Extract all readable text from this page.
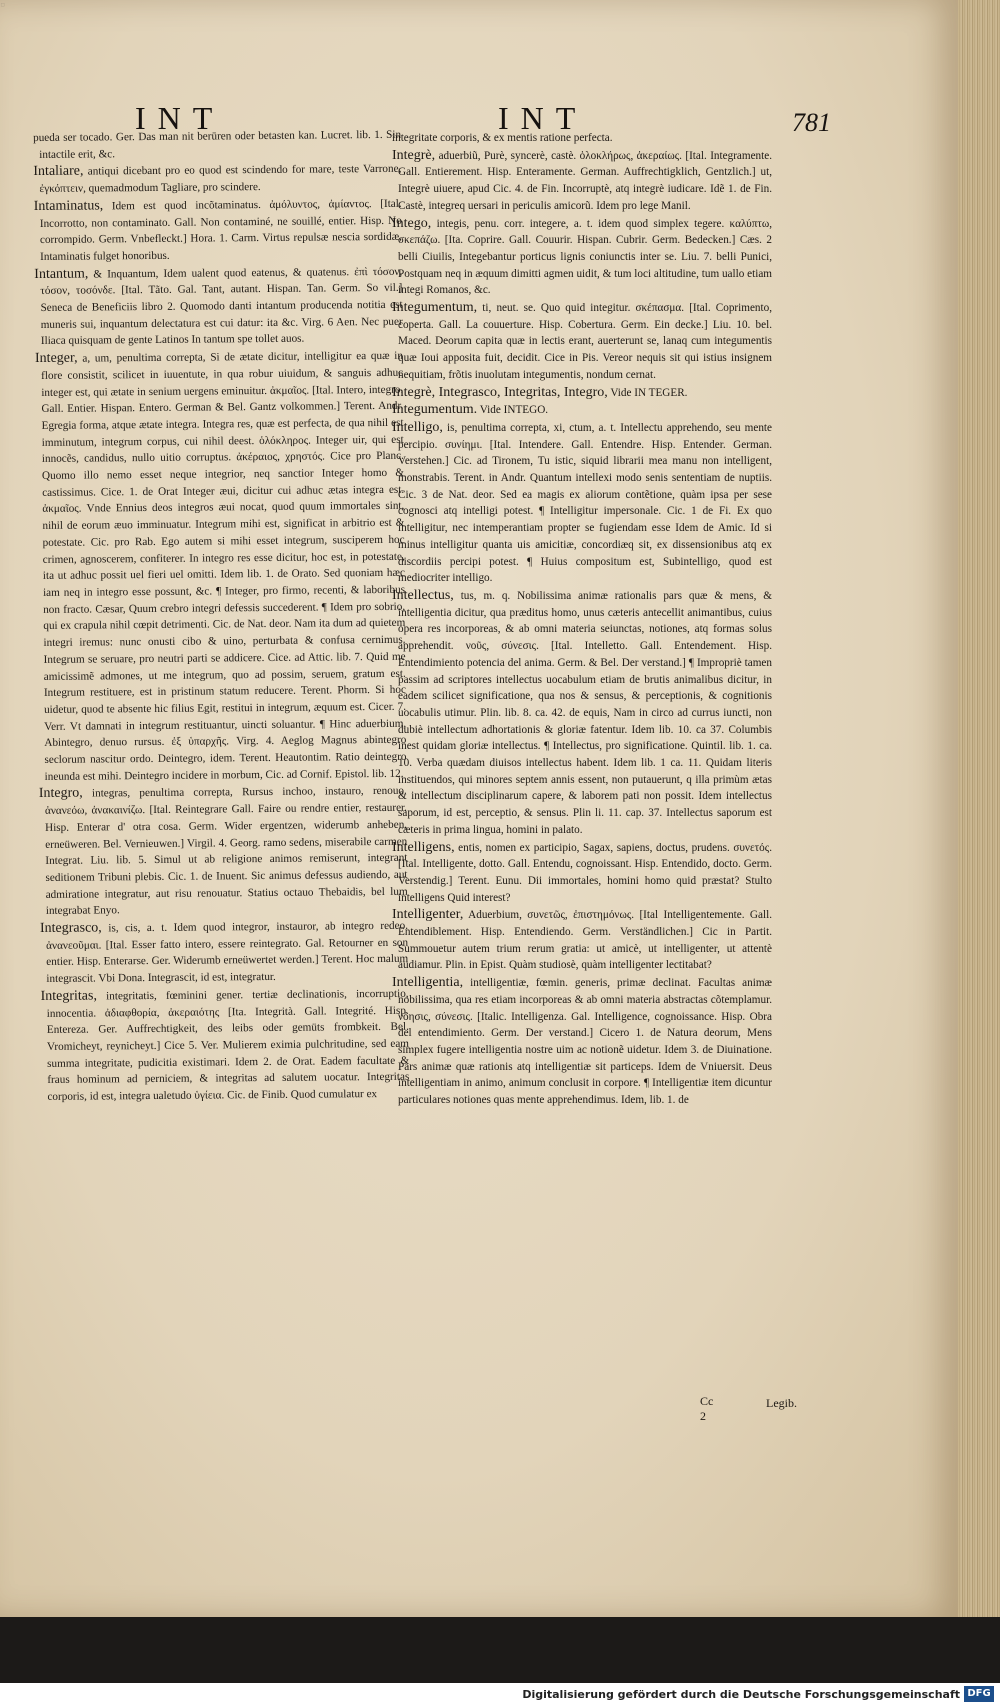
▫
INT	INT	781

pueda ser tocado. Ger. Das man nit berūren oder betasten kan. Lucret. lib. 1. Sin intactile erit, &c.

Intaliare, antiqui dicebant pro eo quod est scindendo for mare, teste Varrone, ἐγκόπτειν, quemadmodum Tagliare, pro scindere.

Intaminatus, Idem est quod incõtaminatus. ἀμόλυντος, ἀμίαντος. [Ital. Incorrotto, non contaminato. Gall. Non contaminé, ne souillé, entier. Hisp. No corrompido. Germ. Vnbefleckt.] Hora. 1. Carm. Virtus repulsæ nescia sordidæ, Intaminatis fulget honoribus.

Intantum, & Inquantum, Idem ualent quod eatenus, & quatenus. ἐπὶ τόσον, τόσον, τοσόνδε. [Ital. Tãto. Gal. Tant, autant. Hispan. Tan. Germ. So vil.] Seneca de Beneficiis libro 2. Quomodo danti intantum producenda notitia est muneris sui, inquantum delectatura est cui datur: ita &c. Virg. 6 Aen. Nec puer Iliaca quisquam de gente Latinos In tantum spe tollet auos.

Integer, a, um, penultima correpta, Si de ætate dicitur, intelligitur ea quæ in flore consistit, scilicet in iuuentute, in qua robur uiuidum, & sanguis adhuc integer est, qui ætate in senium uergens eminuitur. ἀκμαῖος. [Ital. Intero, integro. Gall. Entier. Hispan. Entero. German & Bel. Gantz volkommen.] Terent. Andr. Egregia forma, atque ætate integra. Integra res, quæ est perfecta, de qua nihil est imminutum, integrum corpus, cui nihil deest. ὁλόκληρος. Integer uir, qui est innocẽs, candidus, nullo uitio corruptus. ἀκέραιος, χρηστός. Cice pro Planc. Quomo illo nemo esset neque integrior, neq sanctior Integer homo & castissimus. Cice. 1. de Orat Integer æui, dicitur cui adhuc ætas integra est. ἀκμαῖος. Vnde Ennius deos integros æui nocat, quod quum immortales sint, nihil de eorum æuo imminuatur. Integrum mihi est, significat in arbitrio est & potestate. Cic. pro Rab. Ego autem si mihi esset integrum, susciperem hoc crimen, agnoscerem, confiterer. In integro res esse dicitur, hoc est, in potestate, ita ut adhuc possit uel fieri uel omitti. Idem lib. 1. de Orato. Sed quoniam hæc iam neq in integro esse possunt, &c. ¶ Integer, pro firmo, recenti, & laboribus non fracto. Cæsar, Quum crebro integri defessis succederent. ¶ Idem pro sobrio, qui ex crapula nihil cœpit detrimenti. Cic. de Nat. deor. Nam ita dum ad quietem integri iremus: nunc onusti cibo & uino, perturbata & confusa cernimus. Integrum se seruare, pro neutri parti se addicere. Cice. ad Attic. lib. 7. Quid me amicissimẽ admones, ut me integrum, quo ad possim, seruem, gratum est. Integrum restituere, est in pristinum statum reducere. Terent. Phorm. Si hoc uidetur, quod te absente hic filius Egit, restitui in integrum, æquum est. Cicer. 7. Verr. Vt damnati in integrum restituantur, uincti soluantur. ¶ Hinc aduerbium, Abintegro, denuo rursus. ἐξ ὑπαρχῆς. Virg. 4. Aeglog Magnus abintegro seclorum nascitur ordo. Deintegro, idem. Terent. Heautontim. Ratio deintegro ineunda est mihi. Deintegro incidere in morbum, Cic. ad Cornif. Epistol. lib. 12.

Integro, integras, penultima correpta, Rursus inchoo, instauro, renouo. ἀνανεόω, ἀνακαινίζω. [Ital. Reintegrare Gall. Faire ou rendre entier, restaurer. Hisp. Enterar d' otra cosa. Germ. Wider ergentzen, widerumb anheben, erneüweren. Bel. Vernieuwen.] Virgil. 4. Georg. ramo sedens, miserabile carmen Integrat. Liu. lib. 5. Simul ut ab religione animos remiserunt, integrant seditionem Tribuni plebis. Cic. 1. de Inuent. Sic animus defessus audiendo, aut admiratione integratur, aut risu renouatur. Statius octauo Thebaidis, bel lum integrabat Enyo.

Integrasco, is, cis, a. t. Idem quod integror, instauror, ab integro redeo. ἀνανεοῦμαι. [Ital. Esser fatto intero, essere reintegrato. Gal. Retourner en son entier. Hisp. Enterarse. Ger. Widerumb erneüwertet werden.] Terent. Hoc malum integrascit. Vbi Dona. Integrascit, id est, integratur.

Integritas, integritatis, fœminini gener. tertiæ declinationis, incorruptio, innocentia. ἀδιαφθορία, ἀκεραιότης [Ita. Integrità. Gall. Integrité. Hisp. Entereza. Ger. Auffrechtigkeit, des leibs oder gemüts frombkeit. Bel. Vromicheyt, reynicheyt.] Cice 5. Ver. Mulierem eximia pulchritudine, sed eam summa integritate, pudicitia existimari. Idem 2. de Orat. Eadem facultate & fraus hominum ad perniciem, & integritas ad salutem uocatur. Integritas corporis, id est, integra ualetudo ὑγίεια. Cic. de Finib. Quod cumulatur ex

integritate corporis, & ex mentis ratione perfecta.

Integrè, aduerbiũ, Purè, syncerè, castè. ὁλοκλήρως, ἀκεραίως. [Ital. Integramente. Gall. Entierement. Hisp. Enteramente. German. Auffrechtigklich, Gentzlich.] ut, Integrè uiuere, apud Cic. 4. de Fin. Incorruptè, atq integrè iudicare. Idẽ 1. de Fin. Castè, integreq uersari in periculis amicorũ. Idem pro lege Manil.

Intego, integis, penu. corr. integere, a. t. idem quod simplex tegere. καλύπτω, σκεπάζω. [Ita. Coprire. Gall. Couurir. Hispan. Cubrir. Germ. Bedecken.] Cæs. 2 belli Ciuilis, Integebantur porticus lignis coniunctis inter se. Liu. 7. belli Punici, Postquam neq in æquum dimitti agmen uidit, & tum loci altitudine, tum uallo etiam integi Romanos, &c.

Integumentum, ti, neut. se. Quo quid integitur. σκέπασμα. [Ital. Coprimento, coperta. Gall. La couuerture. Hisp. Cobertura. Germ. Ein decke.] Liu. 10. bel. Maced. Deorum capita quæ in lectis erant, auerterunt se, lanaq cum integumentis quæ Ioui apposita fuit, decidit. Cice in Pis. Vereor nequis sit qui istius insignem nequitiam, frõtis inuolutam integumentis, nondum cernat.

Integrè, Integrasco, Integritas, Integro, Vide IN TEGER.

Integumentum. Vide INTEGO.

Intelligo, is, penultima correpta, xi, ctum, a. t. Intellectu apprehendo, seu mente percipio. συνίημι. [Ital. Intendere. Gall. Entendre. Hisp. Entender. German. Verstehen.] Cic. ad Tironem, Tu istic, siquid librarii mea manu non intelligent, monstrabis. Terent. in Andr. Quantum intellexi modo senis sententiam de nuptiis. Cic. 3 de Nat. deor. Sed ea magis ex aliorum contẽtione, quàm ipsa per sese cognosci atq intelligi potest. ¶ Intelligitur impersonale. Cic. 1 de Fi. Ex quo intelligitur, nec intemperantiam propter se fugiendam esse Idem de Amic. Id si minus intelligitur quanta uis amicitiæ, concordiæq sit, ex dissensionibus atq ex discordiis percipi potest. ¶ Huius compositum est, Subintelligo, quod est mediocriter intelligo.

Intellectus, tus, m. q. Nobilissima animæ rationalis pars quæ & mens, & intelligentia dicitur, qua præditus homo, unus cæteris antecellit animantibus, cuius opera res incorporeas, & ab omni materia seiunctas, notiones, atq formas solus apprehendit. νοῦς, σύνεσις. [Ital. Intelletto. Gall. Entendement. Hisp. Entendimiento potencia del anima. Germ. & Bel. Der verstand.] ¶ Impropriè tamen passim ad scriptores intellectus uocabulum etiam de brutis animalibus dicitur, in eadem scilicet significatione, qua nos & sensus, & perceptionis, & cognitionis uocabulis utimur. Plin. lib. 8. ca. 42. de equis, Nam in circo ad currus iuncti, non dubiè intellectum adhortationis & gloriæ fatentur. Idem lib. 10. ca 37. Columbis inest quidam gloriæ intellectus. ¶ Intellectus, pro significatione. Quintil. lib. 1. ca. 10. Verba quædam diuisos intellectus habent. Idem lib. 1 ca. 11. Quidam literis instituendos, qui minores septem annis essent, non putauerunt, q illa primùm ætas & intellectum disciplinarum capere, & laborem pati non possit. Idem intellectus saporum, id est, perceptio, & sensus. Plin li. 11. cap. 37. Intellectus saporum est cæteris in prima lingua, homini in palato.

Intelligens, entis, nomen ex participio, Sagax, sapiens, doctus, prudens. συνετός. [Ital. Intelligente, dotto. Gall. Entendu, cognoissant. Hisp. Entendido, docto. Germ. Verstendig.] Terent. Eunu. Dii immortales, homini homo quid præstat? Stulto intelligens Quid interest?

Intelligenter, Aduerbium, συνετῶς, ἐπιστημόνως. [Ital Intelligentemente. Gall. Entendiblement. Hisp. Entendiendo. Germ. Verständlichen.] Cic in Partit. Summouetur autem trium rerum gratia: ut amicè, ut intelligenter, ut attentè audiamur. Plin. in Epist. Quàm studiosè, quàm intelligenter lectitabat?

Intelligentia, intelligentiæ, fœmin. generis, primæ declinat. Facultas animæ nobilissima, qua res etiam incorporeas & ab omni materia abstractas cõtemplamur. νόησις, σύνεσις. [Italic. Intelligenza. Gal. Intelligence, cognoissance. Hisp. Obra del entendimiento. Germ. Der verstand.] Cicero 1. de Natura deorum, Mens simplex fugere intelligentia nostre uim ac notionẽ uidetur. Idem 3. de Diuinatione. Pars animæ quæ rationis atq intelligentiæ sit particeps. Idem de Vniuersit. Deus intelligentiam in animo, animum conclusit in corpore. ¶ Intelligentiæ item dicuntur particulares notiones quas mente apprehendimus. Idem, lib. 1. de

Cc 2
Legib.
Digitalisierung gefördert durch die Deutsche Forschungsgemeinschaft DFG
